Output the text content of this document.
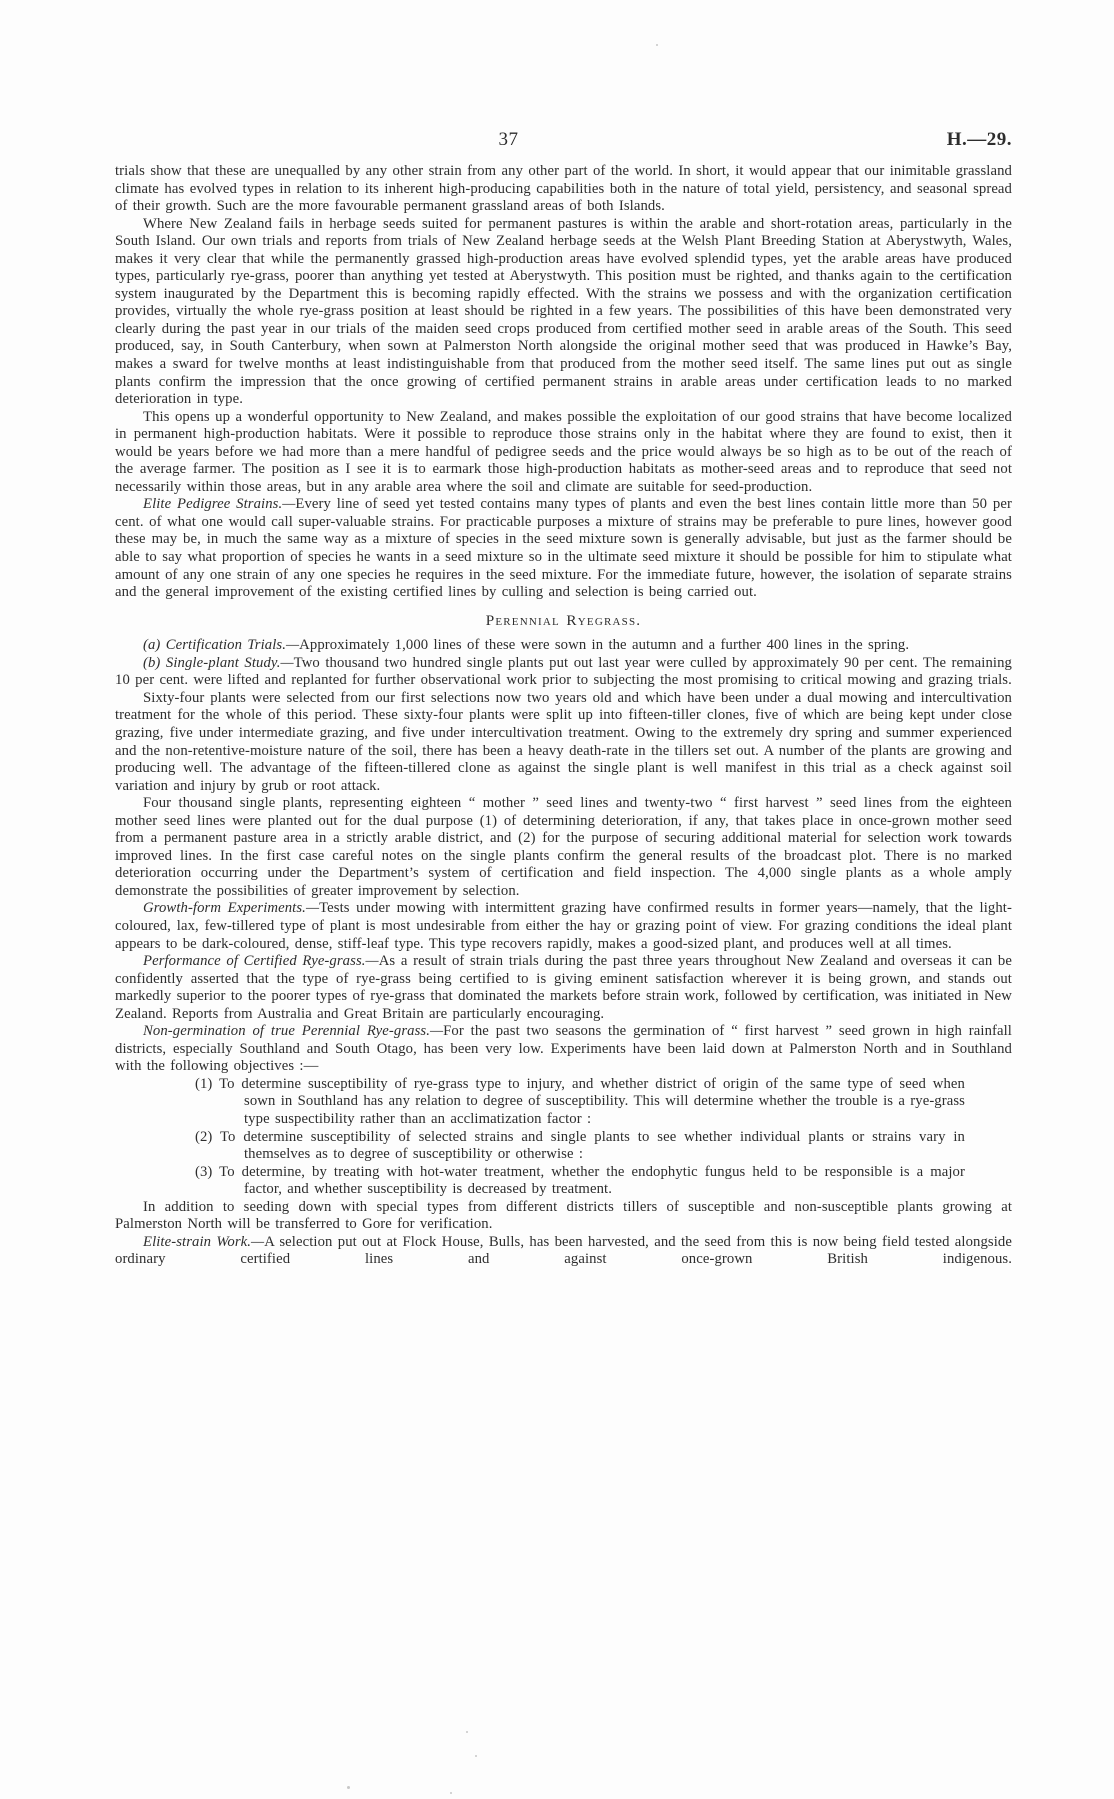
37	H.—29.

trials show that these are unequalled by any other strain from any other part of the world. In short, it would appear that our inimitable grassland climate has evolved types in relation to its inherent high-producing capabilities both in the nature of total yield, persistency, and seasonal spread of their growth. Such are the more favourable permanent grassland areas of both Islands.

Where New Zealand fails in herbage seeds suited for permanent pastures is within the arable and short-rotation areas, particularly in the South Island. Our own trials and reports from trials of New Zealand herbage seeds at the Welsh Plant Breeding Station at Aberystwyth, Wales, makes it very clear that while the permanently grassed high-production areas have evolved splendid types, yet the arable areas have produced types, particularly rye-grass, poorer than anything yet tested at Aberystwyth. This position must be righted, and thanks again to the certification system inaugurated by the Department this is becoming rapidly effected. With the strains we possess and with the organization certification provides, virtually the whole rye-grass position at least should be righted in a few years. The possibilities of this have been demonstrated very clearly during the past year in our trials of the maiden seed crops produced from certified mother seed in arable areas of the South. This seed produced, say, in South Canterbury, when sown at Palmerston North alongside the original mother seed that was produced in Hawke’s Bay, makes a sward for twelve months at least indistinguishable from that produced from the mother seed itself. The same lines put out as single plants confirm the impression that the once growing of certified permanent strains in arable areas under certification leads to no marked deterioration in type.

This opens up a wonderful opportunity to New Zealand, and makes possible the exploitation of our good strains that have become localized in permanent high-production habitats. Were it possible to reproduce those strains only in the habitat where they are found to exist, then it would be years before we had more than a mere handful of pedigree seeds and the price would always be so high as to be out of the reach of the average farmer. The position as I see it is to earmark those high-production habitats as mother-seed areas and to reproduce that seed not necessarily within those areas, but in any arable area where the soil and climate are suitable for seed-production.

Elite Pedigree Strains.—Every line of seed yet tested contains many types of plants and even the best lines contain little more than 50 per cent. of what one would call super-valuable strains. For practicable purposes a mixture of strains may be preferable to pure lines, however good these may be, in much the same way as a mixture of species in the seed mixture sown is generally advisable, but just as the farmer should be able to say what proportion of species he wants in a seed mixture so in the ultimate seed mixture it should be possible for him to stipulate what amount of any one strain of any one species he requires in the seed mixture. For the immediate future, however, the isolation of separate strains and the general improvement of the existing certified lines by culling and selection is being carried out.

Perennial Ryegrass.

(a) Certification Trials.—Approximately 1,000 lines of these were sown in the autumn and a further 400 lines in the spring.

(b) Single-plant Study.—Two thousand two hundred single plants put out last year were culled by approximately 90 per cent. The remaining 10 per cent. were lifted and replanted for further observational work prior to subjecting the most promising to critical mowing and grazing trials.

Sixty-four plants were selected from our first selections now two years old and which have been under a dual mowing and intercultivation treatment for the whole of this period. These sixty-four plants were split up into fifteen-tiller clones, five of which are being kept under close grazing, five under intermediate grazing, and five under intercultivation treatment. Owing to the extremely dry spring and summer experienced and the non-retentive-moisture nature of the soil, there has been a heavy death-rate in the tillers set out. A number of the plants are growing and producing well. The advantage of the fifteen-tillered clone as against the single plant is well manifest in this trial as a check against soil variation and injury by grub or root attack.

Four thousand single plants, representing eighteen “ mother ” seed lines and twenty-two “ first harvest ” seed lines from the eighteen mother seed lines were planted out for the dual purpose (1) of determining deterioration, if any, that takes place in once-grown mother seed from a permanent pasture area in a strictly arable district, and (2) for the purpose of securing additional material for selection work towards improved lines. In the first case careful notes on the single plants confirm the general results of the broadcast plot. There is no marked deterioration occurring under the Department’s system of certification and field inspection. The 4,000 single plants as a whole amply demonstrate the possibilities of greater improvement by selection.

Growth-form Experiments.—Tests under mowing with intermittent grazing have confirmed results in former years—namely, that the light-coloured, lax, few-tillered type of plant is most undesirable from either the hay or grazing point of view. For grazing conditions the ideal plant appears to be dark-coloured, dense, stiff-leaf type. This type recovers rapidly, makes a good-sized plant, and produces well at all times.

Performance of Certified Rye-grass.—As a result of strain trials during the past three years throughout New Zealand and overseas it can be confidently asserted that the type of rye-grass being certified to is giving eminent satisfaction wherever it is being grown, and stands out markedly superior to the poorer types of rye-grass that dominated the markets before strain work, followed by certification, was initiated in New Zealand. Reports from Australia and Great Britain are particularly encouraging.

Non-germination of true Perennial Rye-grass.—For the past two seasons the germination of “ first harvest ” seed grown in high rainfall districts, especially Southland and South Otago, has been very low. Experiments have been laid down at Palmerston North and in Southland with the following objectives :—

(1) To determine susceptibility of rye-grass type to injury, and whether district of origin of the same type of seed when sown in Southland has any relation to degree of susceptibility. This will determine whether the trouble is a rye-grass type suspectibility rather than an acclimatization factor :

(2) To determine susceptibility of selected strains and single plants to see whether individual plants or strains vary in themselves as to degree of susceptibility or otherwise :

(3) To determine, by treating with hot-water treatment, whether the endophytic fungus held to be responsible is a major factor, and whether susceptibility is decreased by treatment.

In addition to seeding down with special types from different districts tillers of susceptible and non-susceptible plants growing at Palmerston North will be transferred to Gore for verification.

Elite-strain Work.—A selection put out at Flock House, Bulls, has been harvested, and the seed from this is now being field tested alongside ordinary certified lines and against once-grown British indigenous.
